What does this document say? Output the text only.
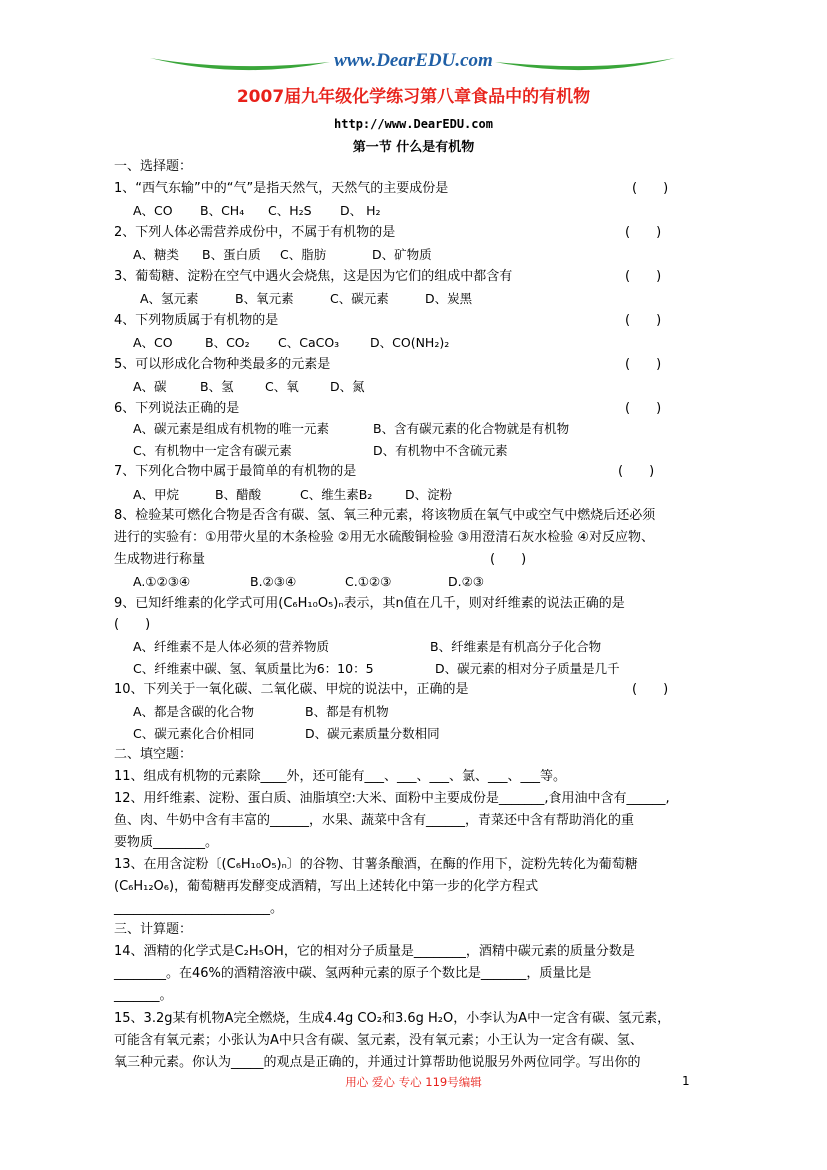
www.DearEDU.com
2007届九年级化学练习第八章食品中的有机物
http://www.DearEDU.com
第一节 什么是有机物
一、选择题：
1、“西气东输”中的“气”是指天然气，天然气的主要成份是	(　　)
A、CO B、CH₄ C、H₂S D、 H₂
2、下列人体必需营养成份中，不属于有机物的是	(　　)
A、糖类 B、蛋白质 C、脂肪	D、矿物质
3、葡萄糖、淀粉在空气中遇火会烧焦，这是因为它们的组成中都含有	(　　)
A、氢元素	B、氧元素	C、碳元素	D、炭黑
4、下列物质属于有机物的是	(　　)
A、CO	B、CO₂ C、CaCO₃ D、CO(NH₂)₂
5、可以形成化合物种类最多的元素是	(　　)
A、碳	B、氢	C、氧	D、氮
6、下列说法正确的是	(　　)
A、碳元素是组成有机物的唯一元素	B、含有碳元素的化合物就是有机物
C、有机物中一定含有碳元素	D、有机物中不含硫元素
7、下列化合物中属于最简单的有机物的是	(　　)
A、甲烷	B、醋酸	C、维生素B₂	D、淀粉
8、检验某可燃化合物是否含有碳、氢、氧三种元素，将该物质在氧气中或空气中燃烧后还必须
进行的实验有：①用带火星的木条检验 ②用无水硫酸铜检验 ③用澄清石灰水检验 ④对反应物、
生成物进行称量	(　　)
A.①②③④	B.②③④	C.①②③	D.②③
9、已知纤维素的化学式可用(C₆H₁₀O₅)ₙ表示，其n值在几千，则对纤维素的说法正确的是
(　　)
A、纤维素不是人体必须的营养物质	B、纤维素是有机高分子化合物
C、纤维素中碳、氢、氧质量比为6：10：5	D、碳元素的相对分子质量是几千
10、下列关于一氧化碳、二氧化碳、甲烷的说法中，正确的是	(　　)
A、都是含碳的化合物	B、都是有机物
C、碳元素化合价相同	D、碳元素质量分数相同
二、填空题：
11、组成有机物的元素除____外，还可能有___、___、___、氯、___、___等。
12、用纤维素、淀粉、蛋白质、油脂填空:大米、面粉中主要成份是_______,食用油中含有______,
鱼、肉、牛奶中含有丰富的______，水果、蔬菜中含有______，青菜还中含有帮助消化的重
要物质________。
13、在用含淀粉〔(C₆H₁₀O₅)ₙ〕的谷物、甘薯条酿酒，在酶的作用下，淀粉先转化为葡萄糖
(C₆H₁₂O₆)，葡萄糖再发酵变成酒精，写出上述转化中第一步的化学方程式
________________________。
三、计算题：
14、酒精的化学式是C₂H₅OH，它的相对分子质量是________，酒精中碳元素的质量分数是
________。在46%的酒精溶液中碳、氢两种元素的原子个数比是_______，质量比是
_______。
15、3.2g某有机物A完全燃烧，生成4.4g CO₂和3.6g H₂O，小李认为A中一定含有碳、氢元素，
可能含有氧元素；小张认为A中只含有碳、氢元素，没有氧元素；小王认为一定含有碳、氢、
氧三种元素。你认为_____的观点是正确的，并通过计算帮助他说服另外两位同学。写出你的
用心 爱心 专心 119号编辑	1
